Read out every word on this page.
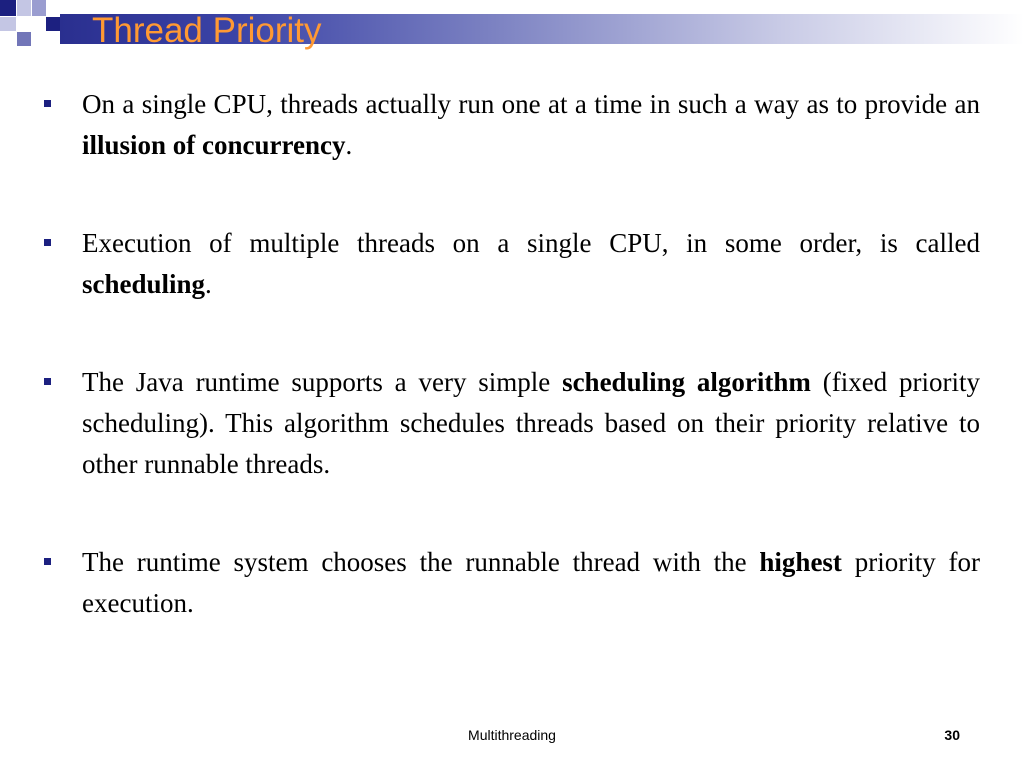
Thread Priority
On a single CPU, threads actually run one at a time in such a way as to provide an illusion of concurrency.
Execution of multiple threads on a single CPU, in some order, is called scheduling.
The Java runtime supports a very simple scheduling algorithm (fixed priority scheduling). This algorithm schedules threads based on their priority relative to other runnable threads.
The runtime system chooses the runnable thread with the highest priority for execution.
Multithreading	30
